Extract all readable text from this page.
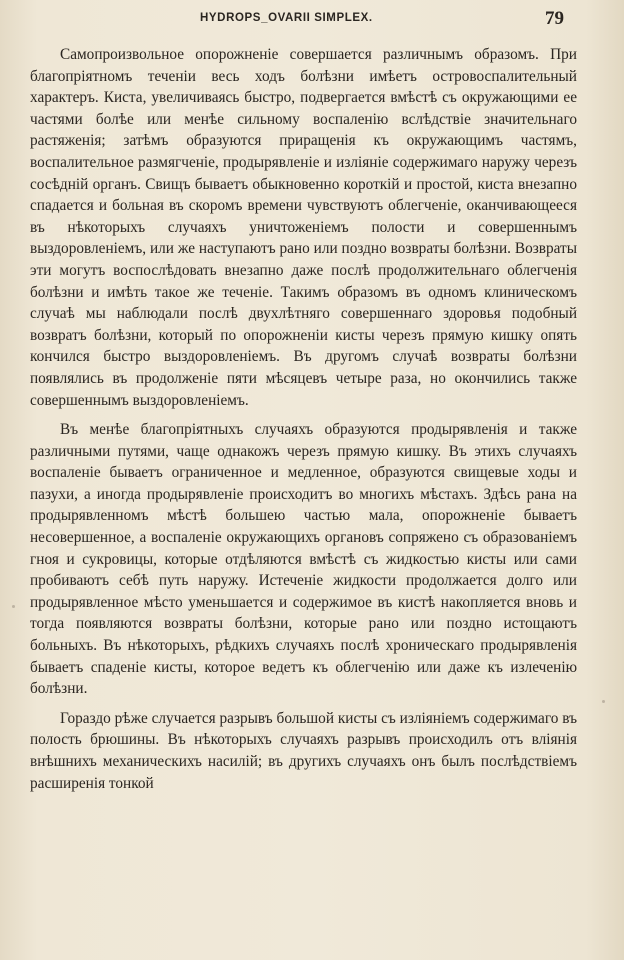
HYDROPS_OVARII SIMPLEX.	79

Самопроизвольное опорожненіе совершается различнымъ образомъ. При благопріятномъ теченіи весь ходъ болѣзни имѣетъ островоспалительный характеръ. Киста, увеличиваясь быстро, подвергается вмѣстѣ съ окружающими ее частями болѣе или менѣе сильному воспаленію вслѣдствіе значительнаго растяженія; затѣмъ образуются приращенія къ окружающимъ частямъ, воспалительное размягченіе, продырявленіе и изліяніе содержимаго наружу черезъ сосѣдній органъ. Свищъ бываетъ обыкновенно короткій и простой, киста внезапно спадается и больная въ скоромъ времени чувствуютъ облегченіе, оканчивающееся въ нѣкоторыхъ случаяхъ уничтоженіемъ полости и совершеннымъ выздоровленіемъ, или же наступаютъ рано или поздно возвраты болѣзни. Возвраты эти могутъ воспослѣдовать внезапно даже послѣ продолжительнаго облегченія болѣзни и имѣть такое же теченіе. Такимъ образомъ въ одномъ клиническомъ случаѣ мы наблюдали послѣ двухлѣтняго совершеннаго здоровья подобный возвратъ болѣзни, который по опорожненіи кисты черезъ прямую кишку опять кончился быстро выздоровленіемъ. Въ другомъ случаѣ возвраты болѣзни появлялись въ продолженіе пяти мѣсяцевъ четыре раза, но окончились также совершеннымъ выздоровленіемъ.

Въ менѣе благопріятныхъ случаяхъ образуются продырявленія и также различными путями, чаще однакожъ черезъ прямую кишку. Въ этихъ случаяхъ воспаленіе бываетъ ограниченное и медленное, образуются свищевые ходы и пазухи, а иногда продырявленіе происходитъ во многихъ мѣстахъ. Здѣсь рана на продырявленномъ мѣстѣ большею частью мала, опорожненіе бываетъ несовершенное, а воспаленіе окружающихъ органовъ сопряжено съ образованіемъ гноя и сукровицы, которые отдѣляются вмѣстѣ съ жидкостью кисты или сами пробиваютъ себѣ путь наружу. Истеченіе жидкости продолжается долго или продырявленное мѣсто уменьшается и содержимое въ кистѣ накопляется вновь и тогда появляются возвраты болѣзни, которые рано или поздно истощаютъ больныхъ. Въ нѣкоторыхъ, рѣдкихъ случаяхъ послѣ хроническаго продырявленія бываетъ спаденіе кисты, которое ведетъ къ облегченію или даже къ излеченію болѣзни.

Гораздо рѣже случается разрывъ большой кисты съ изліяніемъ содержимаго въ полость брюшины. Въ нѣкоторыхъ случаяхъ разрывъ происходилъ отъ вліянія внѣшнихъ механическихъ насилій; въ другихъ случаяхъ онъ былъ послѣдствіемъ расширенія тонкой
